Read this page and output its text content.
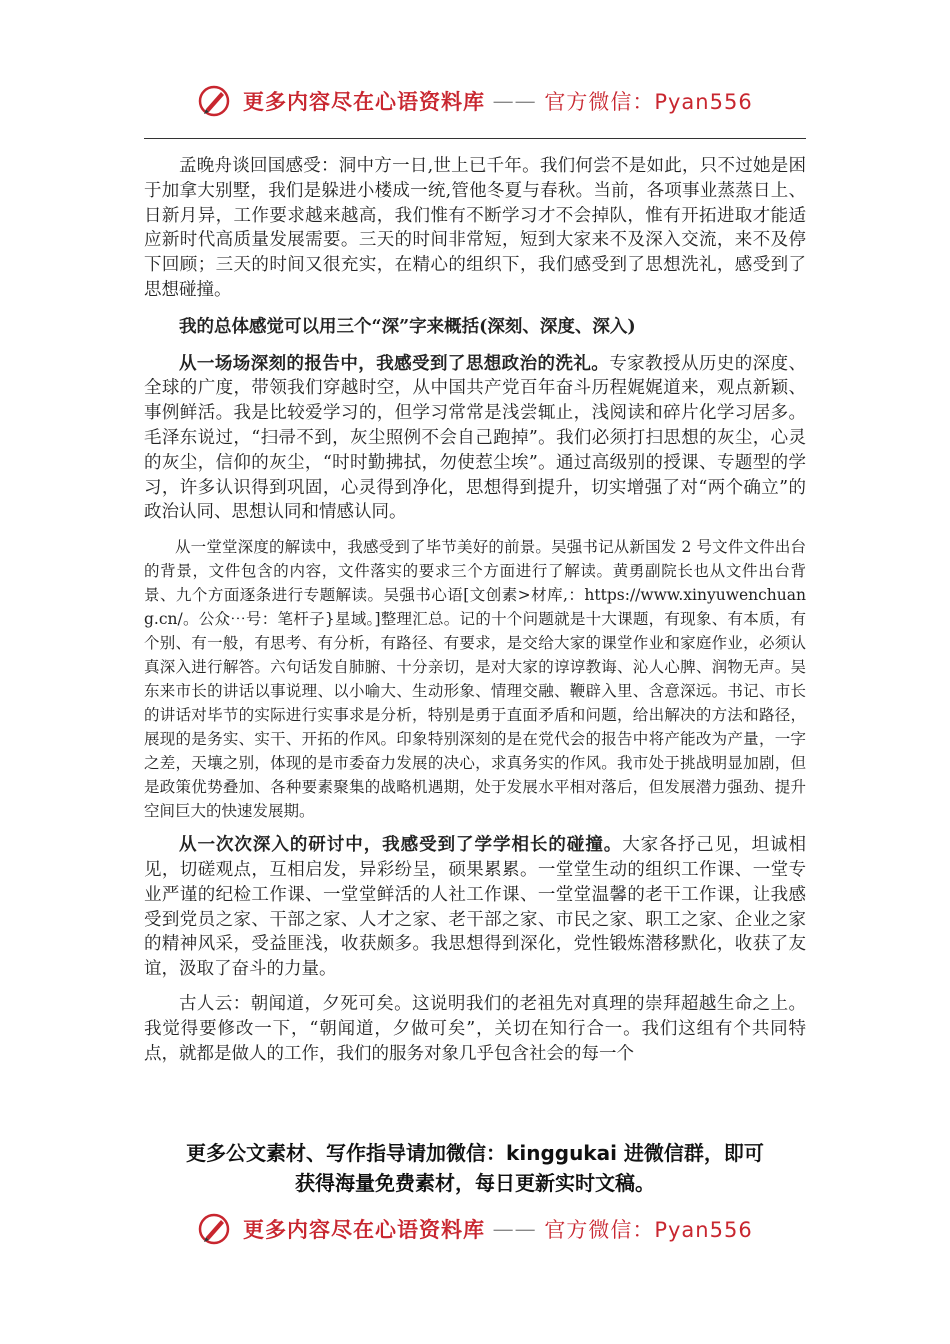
更多内容尽在心语资料库 —— 官方微信：Pyan556

孟晚舟谈回国感受：洞中方一日,世上已千年。我们何尝不是如此，只不过她是困于加拿大别墅，我们是躲进小楼成一统,管他冬夏与春秋。当前，各项事业蒸蒸日上、日新月异，工作要求越来越高，我们惟有不断学习才不会掉队，惟有开拓进取才能适应新时代高质量发展需要。三天的时间非常短，短到大家来不及深入交流，来不及停下回顾；三天的时间又很充实，在精心的组织下，我们感受到了思想洗礼，感受到了思想碰撞。

我的总体感觉可以用三个“深”字来概括(深刻、深度、深入)

从一场场深刻的报告中，我感受到了思想政治的洗礼。专家教授从历史的深度、全球的广度，带领我们穿越时空，从中国共产党百年奋斗历程娓娓道来，观点新颖、事例鲜活。我是比较爱学习的，但学习常常是浅尝辄止，浅阅读和碎片化学习居多。毛泽东说过，“扫帚不到，灰尘照例不会自己跑掉”。我们必须打扫思想的灰尘，心灵的灰尘，信仰的灰尘，“时时勤拂拭，勿使惹尘埃”。通过高级别的授课、专题型的学习，许多认识得到巩固，心灵得到净化，思想得到提升，切实增强了对“两个确立”的政治认同、思想认同和情感认同。

从一堂堂深度的解读中，我感受到了毕节美好的前景。吴强书记从新国发 2 号文件文件出台的背景，文件包含的内容，文件落实的要求三个方面进行了解读。黄勇副院长也从文件出台背景、九个方面逐条进行专题解读。吴强书心语[文创素>材库,：https://www.xinyuwenchuang.cn/。公众⋯号：笔杆子}星域。]整理汇总。记的十个问题就是十大课题，有现象、有本质，有个别、有一般，有思考、有分析，有路径、有要求，是交给大家的课堂作业和家庭作业，必须认真深入进行解答。六句话发自肺腑、十分亲切，是对大家的谆谆教诲、沁人心脾、润物无声。吴东来市长的讲话以事说理、以小喻大、生动形象、情理交融、鞭辟入里、含意深远。书记、市长的讲话对毕节的实际进行实事求是分析，特别是勇于直面矛盾和问题，给出解决的方法和路径，展现的是务实、实干、开拓的作风。印象特别深刻的是在党代会的报告中将产能改为产量，一字之差，天壤之别，体现的是市委奋力发展的决心，求真务实的作风。我市处于挑战明显加剧，但是政策优势叠加、各种要素聚集的战略机遇期，处于发展水平相对落后，但发展潜力强劲、提升空间巨大的快速发展期。

从一次次深入的研讨中，我感受到了学学相长的碰撞。大家各抒己见，坦诚相见，切磋观点，互相启发，异彩纷呈，硕果累累。一堂堂生动的组织工作课、一堂专业严谨的纪检工作课、一堂堂鲜活的人社工作课、一堂堂温馨的老干工作课，让我感受到党员之家、干部之家、人才之家、老干部之家、市民之家、职工之家、企业之家的精神风采，受益匪浅，收获颇多。我思想得到深化，党性锻炼潜移默化，收获了友谊，汲取了奋斗的力量。

古人云：朝闻道，夕死可矣。这说明我们的老祖先对真理的崇拜超越生命之上。我觉得要修改一下，“朝闻道，夕做可矣”，关切在知行合一。我们这组有个共同特点，就都是做人的工作，我们的服务对象几乎包含社会的每一个

更多公文素材、写作指导请加微信：kinggukai 进微信群，即可
获得海量免费素材，每日更新实时文稿。
更多内容尽在心语资料库 —— 官方微信：Pyan556
